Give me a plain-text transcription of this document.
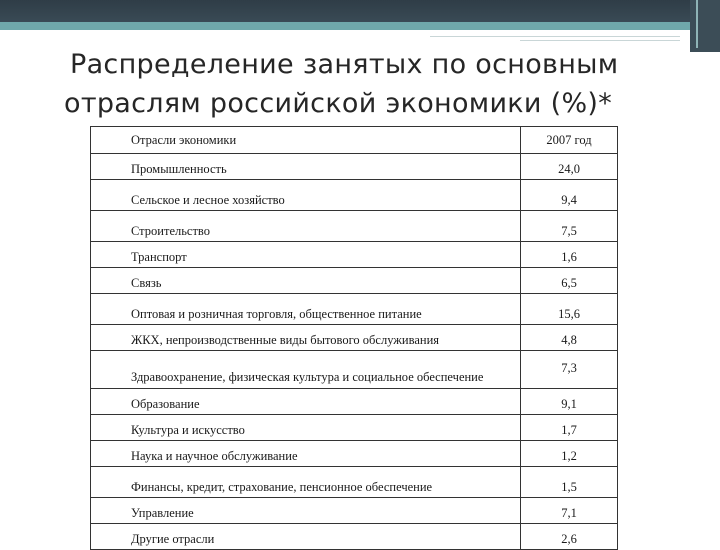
Распределение занятых по основным
отраслям российской экономики (%)*
Отрасли экономики	2007 год
Промышленность	24,0
Сельское и лесное хозяйство	9,4
Строительство	7,5
Транспорт	1,6
Связь	6,5
Оптовая и розничная торговля, общественное питание	15,6
ЖКХ, непроизводственные виды бытового обслуживания	4,8
Здравоохранение, физическая культура и социальное обеспечение	7,3
Образование	9,1
Культура и искусство	1,7
Наука и научное обслуживание	1,2
Финансы, кредит, страхование, пенсионное обеспечение	1,5
Управление	7,1
Другие отрасли	2,6
